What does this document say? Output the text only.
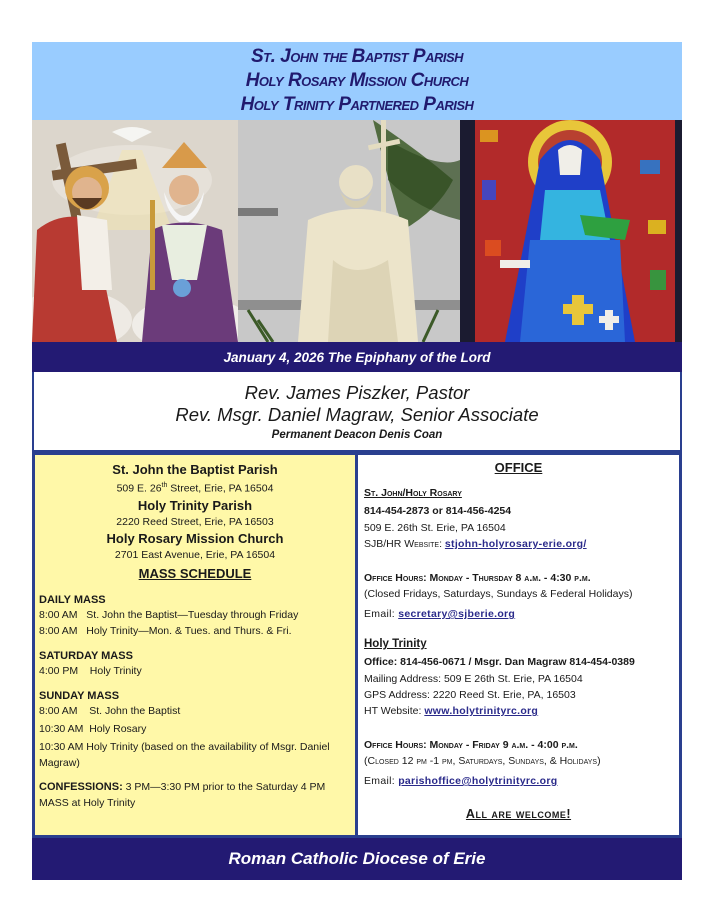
St. John the Baptist Parish
Holy Rosary Mission Church
Holy Trinity Partnered Parish
January 4, 2026 The Epiphany of the Lord
Rev. James Piszker, Pastor
Rev. Msgr. Daniel Magraw, Senior Associate
Permanent Deacon Denis Coan
St. John the Baptist Parish
509 E. 26th Street, Erie, PA 16504
Holy Trinity Parish
2220 Reed Street, Erie, PA 16503
Holy Rosary Mission Church
2701 East Avenue, Erie, PA 16504
MASS SCHEDULE
DAILY MASS
8:00 AM   St. John the Baptist—Tuesday through Friday
8:00 AM   Holy Trinity—Mon. & Tues. and Thurs. & Fri.
SATURDAY MASS
4:00 PM    Holy Trinity
SUNDAY MASS
8:00 AM    St. John the Baptist
10:30 AM  Holy Rosary
10:30 AM Holy Trinity (based on the availability of Msgr. Daniel Magraw)
CONFESSIONS: 3 PM—3:30 PM prior to the Saturday 4 PM MASS at Holy Trinity
OFFICE
St. John/Holy Rosary
814-454-2873 or 814-456-4254
509 E. 26th St. Erie, PA 16504
SJB/HR Website: stjohn-holyrosary-erie.org/
Office Hours: Monday - Thursday 8 a.m. - 4:30 p.m.
(Closed Fridays, Saturdays, Sundays & Federal Holidays)
Email: secretary@sjberie.org
Holy Trinity
Office: 814-456-0671 / Msgr. Dan Magraw 814-454-0389
Mailing Address: 509 E 26th St. Erie, PA 16504
GPS Address: 2220 Reed St. Erie, PA, 16503
HT Website: www.holytrinityrc.org
Office Hours: Monday - Friday 9 a.m. - 4:00 p.m.
(Closed 12 pm -1 pm, Saturdays, Sundays, & Holidays)
Email: parishoffice@holytrinityrc.org
All are welcome!
Roman Catholic Diocese of Erie
